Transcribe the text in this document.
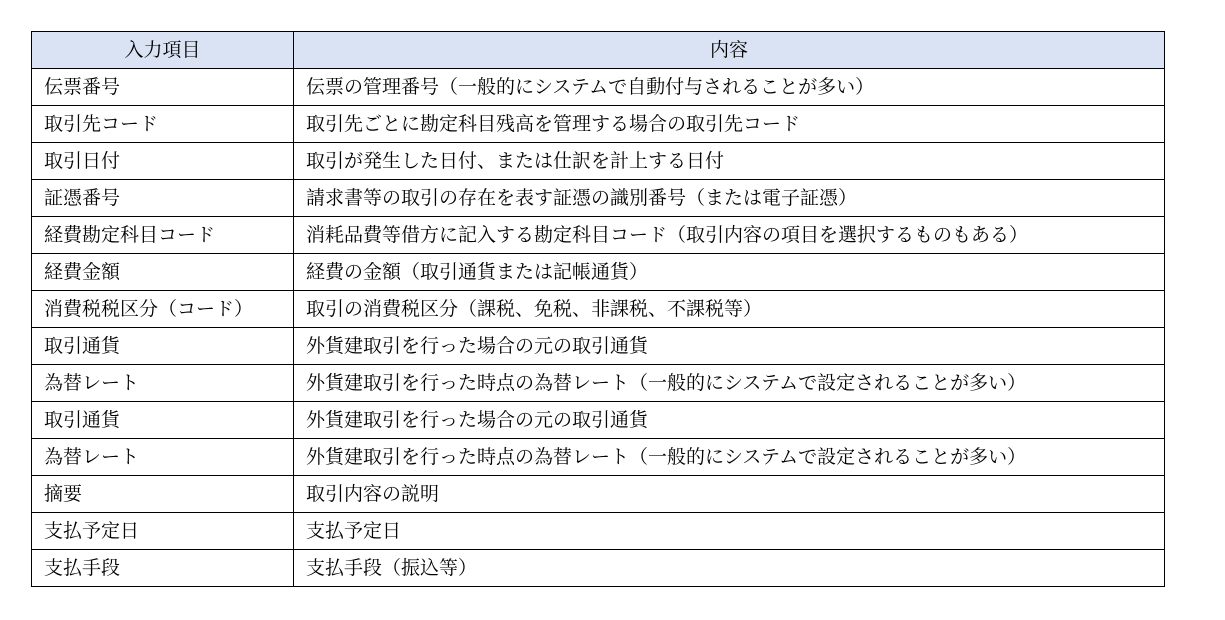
入力項目	内容
伝票番号	伝票の管理番号（一般的にシステムで自動付与されることが多い）
取引先コード	取引先ごとに勘定科目残高を管理する場合の取引先コード
取引日付	取引が発生した日付、または仕訳を計上する日付
証憑番号	請求書等の取引の存在を表す証憑の識別番号（または電子証憑）
経費勘定科目コード	消耗品費等借方に記入する勘定科目コード（取引内容の項目を選択するものもある）
経費金額	経費の金額（取引通貨または記帳通貨）
消費税税区分（コード）	取引の消費税区分（課税、免税、非課税、不課税等）
取引通貨	外貨建取引を行った場合の元の取引通貨
為替レート	外貨建取引を行った時点の為替レート（一般的にシステムで設定されることが多い）
取引通貨	外貨建取引を行った場合の元の取引通貨
為替レート	外貨建取引を行った時点の為替レート（一般的にシステムで設定されることが多い）
摘要	取引内容の説明
支払予定日	支払予定日
支払手段	支払手段（振込等）
